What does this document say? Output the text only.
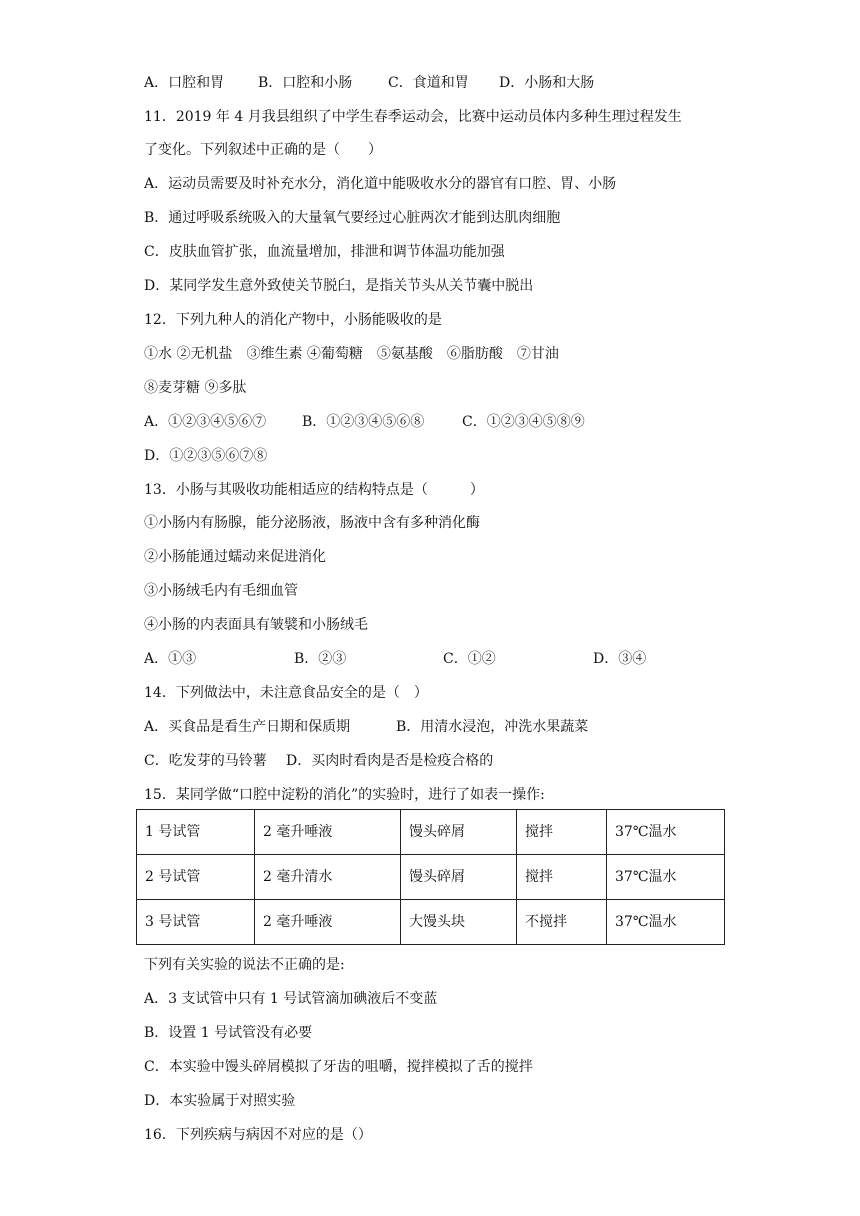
A．口腔和胃 B．口腔和小肠	C．食道和胃 D．小肠和大肠
11．2019 年 4 月我县组织了中学生春季运动会，比赛中运动员体内多种生理过程发生
了变化。下列叙述中正确的是（　　）
A．运动员需要及时补充水分，消化道中能吸收水分的器官有口腔、胃、小肠
B．通过呼吸系统吸入的大量氧气要经过心脏两次才能到达肌肉细胞
C．皮肤血管扩张，血流量增加，排泄和调节体温功能加强
D．某同学发生意外致使关节脱臼，是指关节头从关节囊中脱出
12．下列九种人的消化产物中，小肠能吸收的是
①水 ②无机盐　③维生素 ④葡萄糖　⑤氨基酸　⑥脂肪酸　⑦甘油
⑧麦芽糖 ⑨多肽
A．①②③④⑤⑥⑦	B．①②③④⑤⑥⑧	C．①②③④⑤⑧⑨
D．①②③⑤⑥⑦⑧
13．小肠与其吸收功能相适应的结构特点是（　　　）
①小肠内有肠腺，能分泌肠液，肠液中含有多种消化酶
②小肠能通过蠕动来促进消化
③小肠绒毛内有毛细血管
④小肠的内表面具有皱襞和小肠绒毛
A．①③	B．②③	C．①②	D．③④
14．下列做法中，未注意食品安全的是（　）
A．买食品是看生产日期和保质期	B．用清水浸泡，冲洗水果蔬菜
C．吃发芽的马铃薯 D．买肉时看肉是否是检疫合格的
15．某同学做“口腔中淀粉的消化”的实验时，进行了如表一操作:
1 号试管	2 毫升唾液	馒头碎屑	搅拌	37℃温水
2 号试管	2 毫升清水	馒头碎屑	搅拌	37℃温水
3 号试管	2 毫升唾液	大馒头块	不搅拌	37℃温水
下列有关实验的说法不正确的是:
A．3 支试管中只有 1 号试管滴加碘液后不变蓝
B．设置 1 号试管没有必要
C．本实验中馒头碎屑模拟了牙齿的咀嚼，搅拌模拟了舌的搅拌
D．本实验属于对照实验
16．下列疾病与病因不对应的是（）
